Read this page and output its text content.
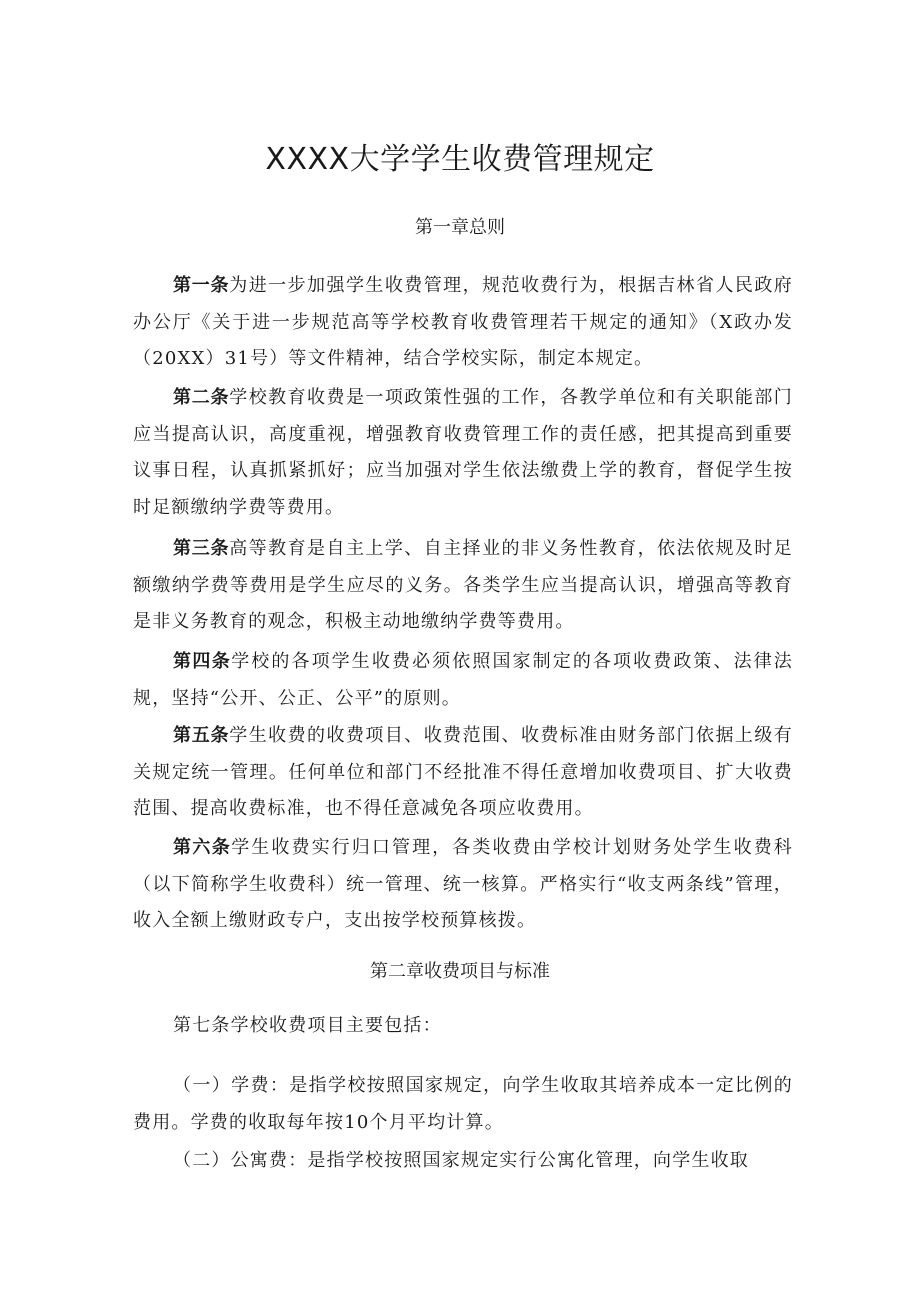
XXXX大学学生收费管理规定
第一章总则

第一条为进一步加强学生收费管理，规范收费行为，根据吉林省人民政府办公厅《关于进一步规范高等学校教育收费管理若干规定的通知》（X政办发（20XX）31号）等文件精神，结合学校实际，制定本规定。

第二条学校教育收费是一项政策性强的工作，各教学单位和有关职能部门应当提高认识，高度重视，增强教育收费管理工作的责任感，把其提高到重要议事日程，认真抓紧抓好；应当加强对学生依法缴费上学的教育，督促学生按时足额缴纳学费等费用。

第三条高等教育是自主上学、自主择业的非义务性教育，依法依规及时足额缴纳学费等费用是学生应尽的义务。各类学生应当提高认识，增强高等教育是非义务教育的观念，积极主动地缴纳学费等费用。

第四条学校的各项学生收费必须依照国家制定的各项收费政策、法律法规，坚持“公开、公正、公平”的原则。

第五条学生收费的收费项目、收费范围、收费标准由财务部门依据上级有关规定统一管理。任何单位和部门不经批准不得任意增加收费项目、扩大收费范围、提高收费标准，也不得任意减免各项应收费用。

第六条学生收费实行归口管理，各类收费由学校计划财务处学生收费科（以下简称学生收费科）统一管理、统一核算。严格实行“收支两条线”管理，收入全额上缴财政专户，支出按学校预算核拨。

第二章收费项目与标准

第七条学校收费项目主要包括：

（一）学费：是指学校按照国家规定，向学生收取其培养成本一定比例的费用。学费的收取每年按10个月平均计算。

（二）公寓费：是指学校按照国家规定实行公寓化管理，向学生收取
